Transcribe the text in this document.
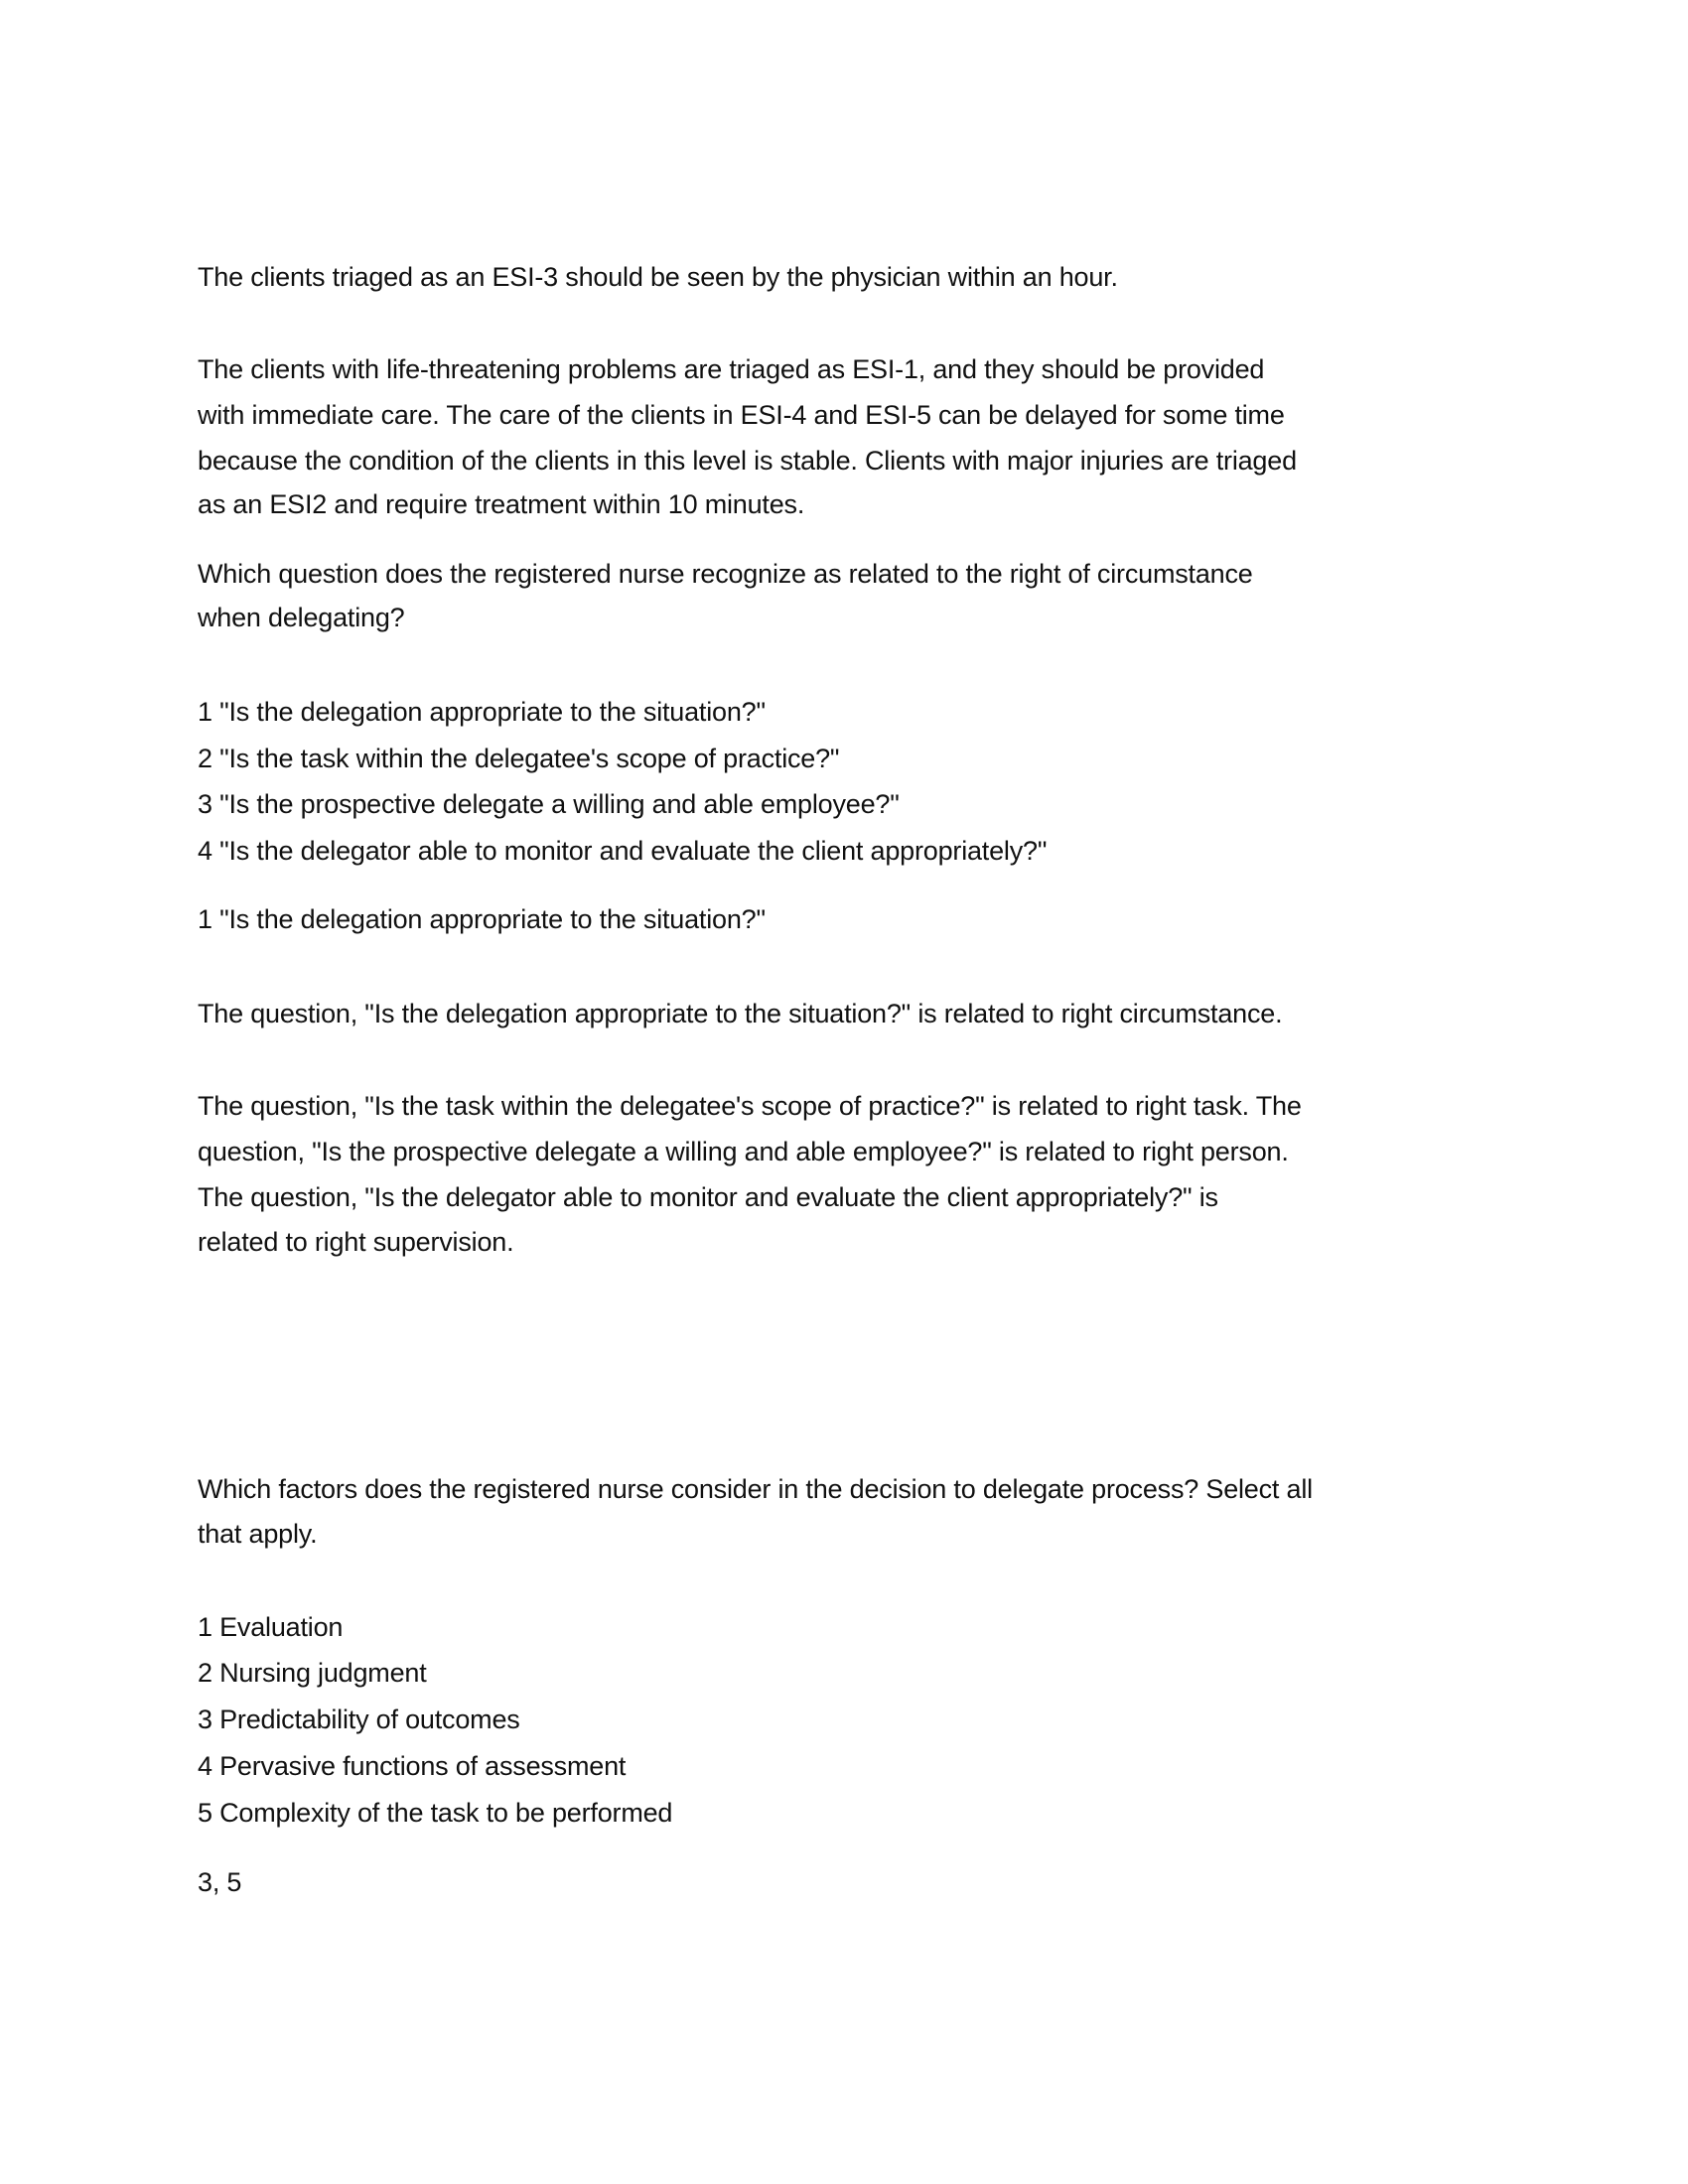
The clients triaged as an ESI-3 should be seen by the physician within an hour.
The clients with life-threatening problems are triaged as ESI-1, and they should be provided
with immediate care. The care of the clients in ESI-4 and ESI-5 can be delayed for some time
because the condition of the clients in this level is stable. Clients with major injuries are triaged
as an ESI2 and require treatment within 10 minutes.
Which question does the registered nurse recognize as related to the right of circumstance
when delegating?
1 "Is the delegation appropriate to the situation?"
2 "Is the task within the delegatee's scope of practice?"
3 "Is the prospective delegate a willing and able employee?"
4 "Is the delegator able to monitor and evaluate the client appropriately?"
1 "Is the delegation appropriate to the situation?"
The question, "Is the delegation appropriate to the situation?" is related to right circumstance.
The question, "Is the task within the delegatee's scope of practice?" is related to right task. The
question, "Is the prospective delegate a willing and able employee?" is related to right person.
The question, "Is the delegator able to monitor and evaluate the client appropriately?" is
related to right supervision.
Which factors does the registered nurse consider in the decision to delegate process? Select all
that apply.
1 Evaluation
2 Nursing judgment
3 Predictability of outcomes
4 Pervasive functions of assessment
5 Complexity of the task to be performed
3, 5
